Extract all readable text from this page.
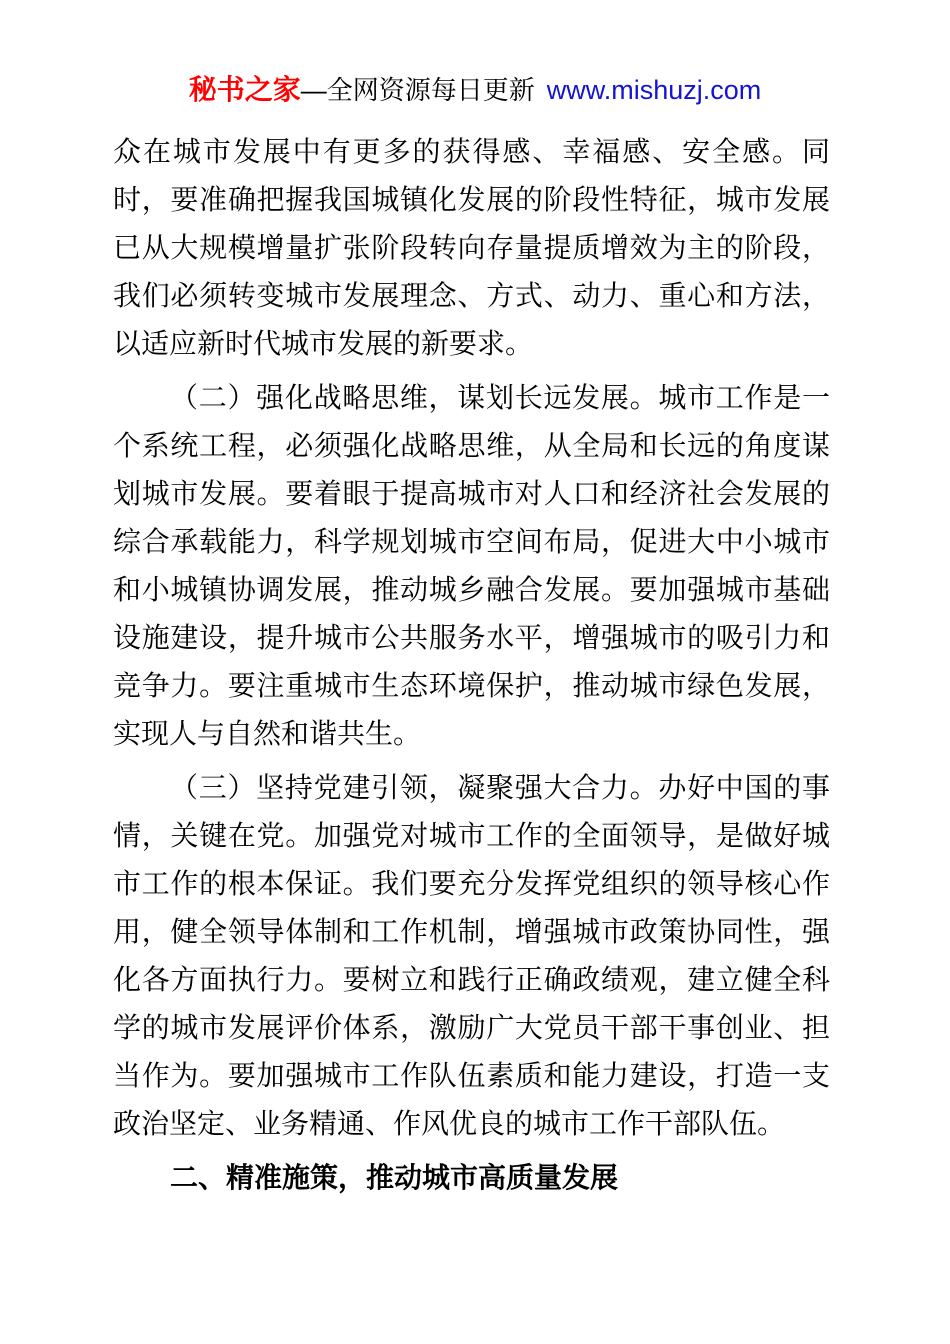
秘书之家—全网资源每日更新 www.mishuzj.com
众在城市发展中有更多的获得感、幸福感、安全感。同
时，要准确把握我国城镇化发展的阶段性特征，城市发展
已从大规模增量扩张阶段转向存量提质增效为主的阶段，
我们必须转变城市发展理念、方式、动力、重心和方法，
以适应新时代城市发展的新要求。
（二）强化战略思维，谋划长远发展。城市工作是一
个系统工程，必须强化战略思维，从全局和长远的角度谋
划城市发展。要着眼于提高城市对人口和经济社会发展的
综合承载能力，科学规划城市空间布局，促进大中小城市
和小城镇协调发展，推动城乡融合发展。要加强城市基础
设施建设，提升城市公共服务水平，增强城市的吸引力和
竞争力。要注重城市生态环境保护，推动城市绿色发展，
实现人与自然和谐共生。
（三）坚持党建引领，凝聚强大合力。办好中国的事
情，关键在党。加强党对城市工作的全面领导，是做好城
市工作的根本保证。我们要充分发挥党组织的领导核心作
用，健全领导体制和工作机制，增强城市政策协同性，强
化各方面执行力。要树立和践行正确政绩观，建立健全科
学的城市发展评价体系，激励广大党员干部干事创业、担
当作为。要加强城市工作队伍素质和能力建设，打造一支
政治坚定、业务精通、作风优良的城市工作干部队伍。
二、精准施策，推动城市高质量发展
